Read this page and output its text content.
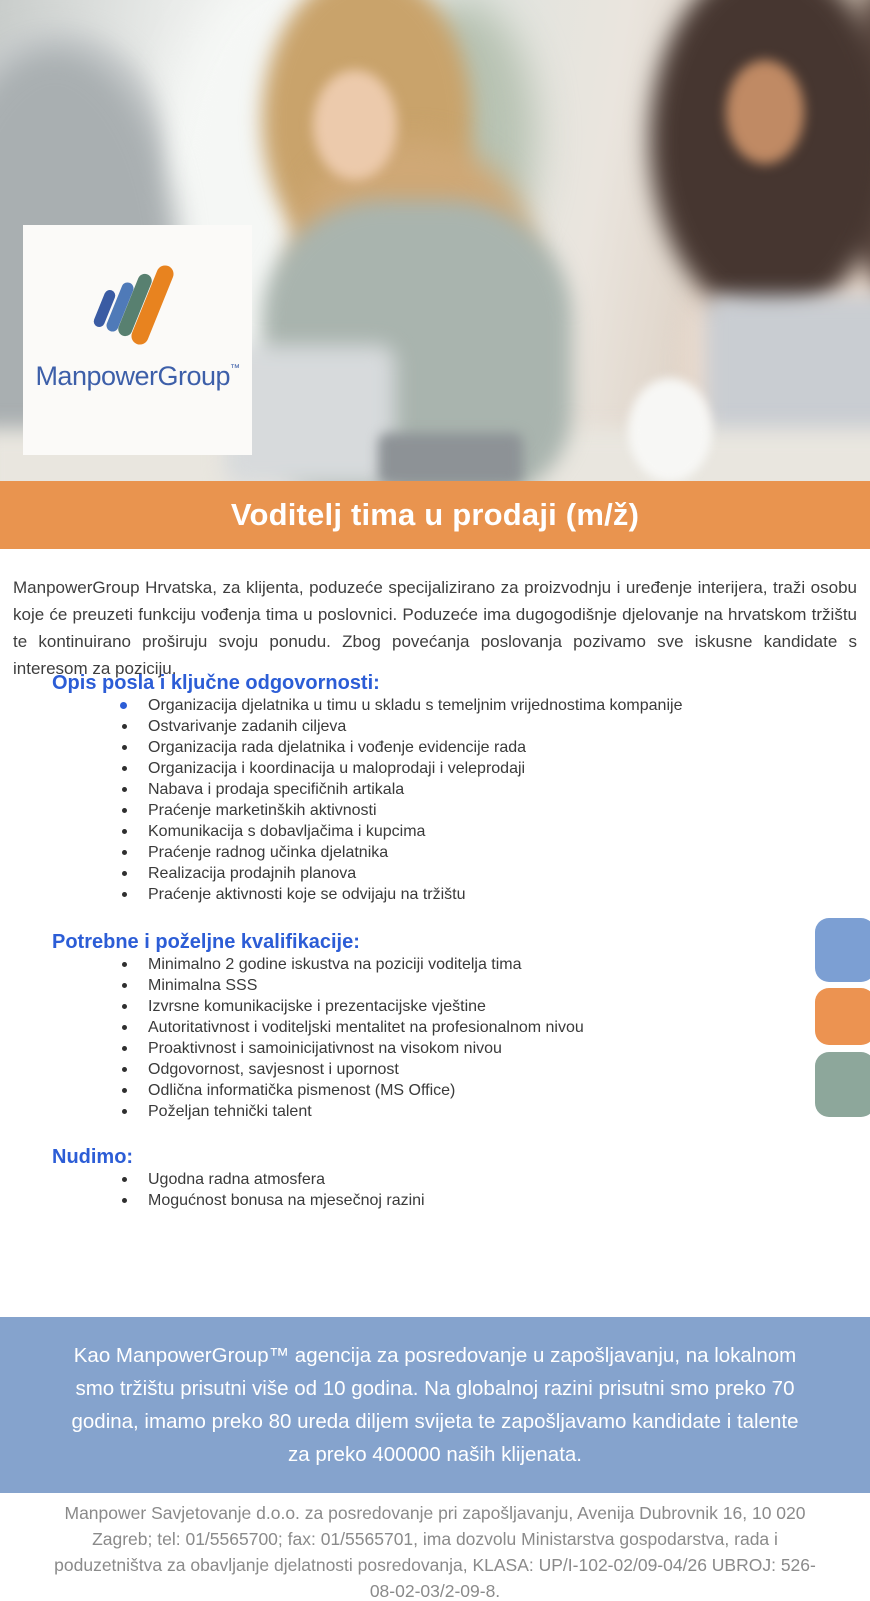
ManpowerGroup™
Voditelj tima u prodaji (m/ž)

ManpowerGroup Hrvatska, za klijenta, poduzeće specijalizirano za proizvodnju i uređenje interijera, traži osobu koje će preuzeti funkciju vođenja tima u poslovnici. Poduzeće ima dugogodišnje djelovanje na hrvatskom tržištu te kontinuirano proširuju svoju ponudu. Zbog povećanja poslovanja pozivamo sve iskusne kandidate s interesom za poziciju.

Opis posla i ključne odgovornosti:
Organizacija djelatnika u timu u skladu s temeljnim vrijednostima kompanije
Ostvarivanje zadanih ciljeva
Organizacija rada djelatnika i vođenje evidencije rada
Organizacija i koordinacija u maloprodaji i veleprodaji
Nabava i prodaja specifičnih artikala
Praćenje marketinških aktivnosti
Komunikacija s dobavljačima i kupcima
Praćenje radnog učinka djelatnika
Realizacija prodajnih planova
Praćenje aktivnosti koje se odvijaju na tržištu
Potrebne i poželjne kvalifikacije:
Minimalno 2 godine iskustva na poziciji voditelja tima
Minimalna SSS
Izvrsne komunikacijske i prezentacijske vještine
Autoritativnost i voditeljski mentalitet na profesionalnom nivou
Proaktivnost i samoinicijativnost na visokom nivou
Odgovornost, savjesnost i upornost
Odlična informatička pismenost (MS Office)
Poželjan tehnički talent
Nudimo:
Ugodna radna atmosfera
Mogućnost bonusa na mjesečnoj razini
Kao ManpowerGroup™ agencija za posredovanje u zapošljavanju, na lokalnom
smo tržištu prisutni više od 10 godina. Na globalnoj razini prisutni smo preko 70
godina, imamo preko 80 ureda diljem svijeta te zapošljavamo kandidate i talente
za preko 400000 naših klijenata.
Manpower Savjetovanje d.o.o. za posredovanje pri zapošljavanju, Avenija Dubrovnik 16, 10 020
Zagreb; tel: 01/5565700; fax: 01/5565701, ima dozvolu Ministarstva gospodarstva, rada i
poduzetništva za obavljanje djelatnosti posredovanja, KLASA: UP/I-102-02/09-04/26 UBROJ: 526-
08-02-03/2-09-8.
